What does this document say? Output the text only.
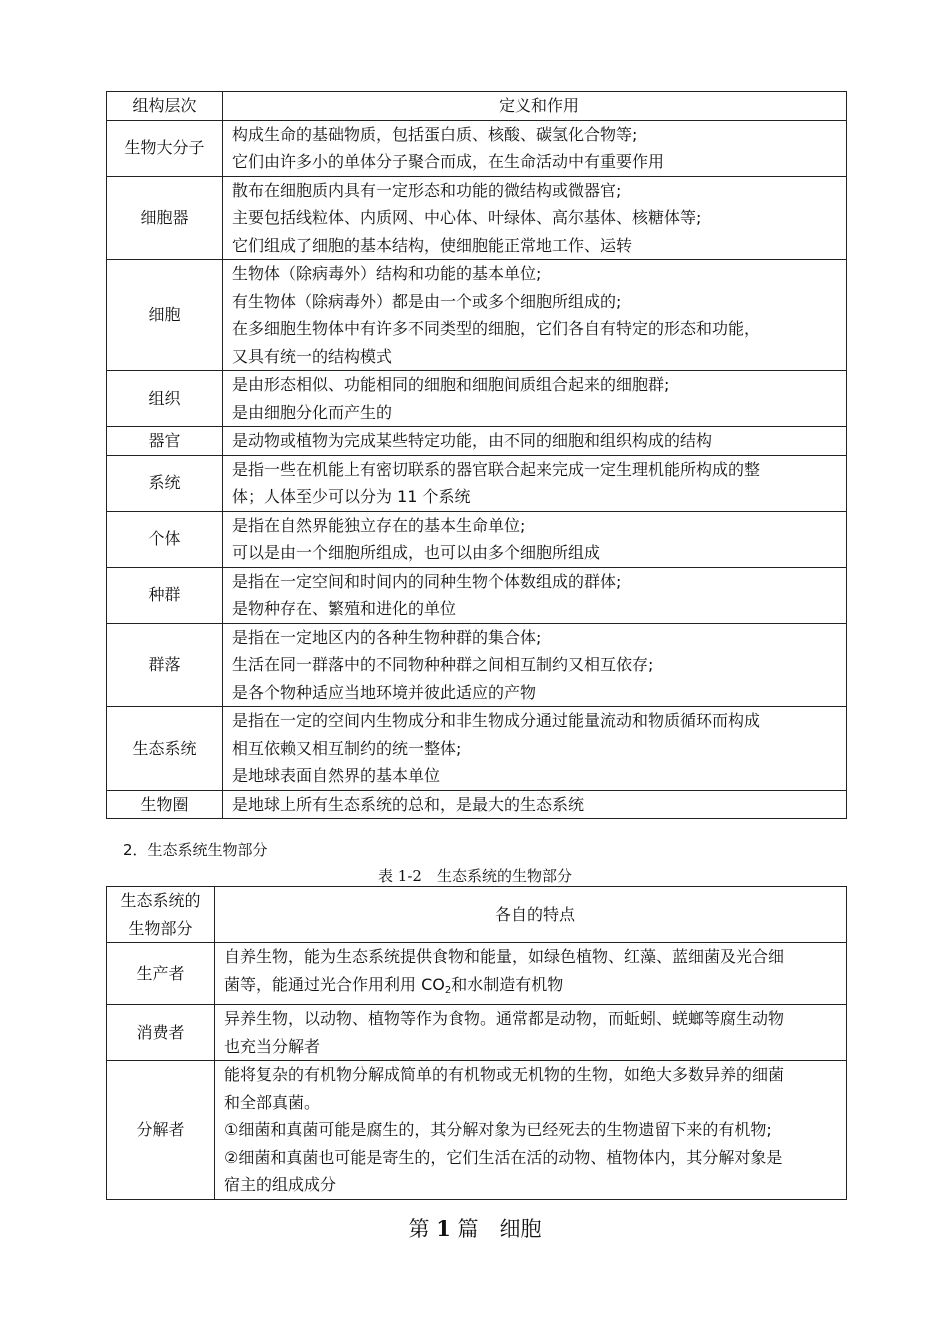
组构层次	定义和作用
生物大分子	构成生命的基础物质，包括蛋白质、核酸、碳氢化合物等;
它们由许多小的单体分子聚合而成，在生命活动中有重要作用

细胞器	散布在细胞质内具有一定形态和功能的微结构或微器官;
主要包括线粒体、内质网、中心体、叶绿体、高尔基体、核糖体等;
它们组成了细胞的基本结构，使细胞能正常地工作、运转

细胞	生物体（除病毒外）结构和功能的基本单位;
有生物体（除病毒外）都是由一个或多个细胞所组成的;
在多细胞生物体中有许多不同类型的细胞，它们各自有特定的形态和功能，
又具有统一的结构模式

组织	是由形态相似、功能相同的细胞和细胞间质组合起来的细胞群;
是由细胞分化而产生的

器官	是动物或植物为完成某些特定功能，由不同的细胞和组织构成的结构

系统	是指一些在机能上有密切联系的器官联合起来完成一定生理机能所构成的整
体；人体至少可以分为 11 个系统

个体	是指在自然界能独立存在的基本生命单位;
可以是由一个细胞所组成，也可以由多个细胞所组成

种群	是指在一定空间和时间内的同种生物个体数组成的群体;
是物种存在、繁殖和进化的单位

群落	是指在一定地区内的各种生物种群的集合体;
生活在同一群落中的不同物种种群之间相互制约又相互依存;
是各个物种适应当地环境并彼此适应的产物

生态系统	是指在一定的空间内生物成分和非生物成分通过能量流动和物质循环而构成
相互依赖又相互制约的统一整体;
是地球表面自然界的基本单位

生物圈	是地球上所有生态系统的总和，是最大的生态系统
2．生态系统生物部分
表 1-2　生态系统的生物部分
生态系统的
生物部分	各自的特点
生产者	自养生物，能为生态系统提供食物和能量，如绿色植物、红藻、蓝细菌及光合细
菌等，能通过光合作用利用 $CO_2$和水制造有机物

消费者	异养生物，以动物、植物等作为食物。通常都是动物，而蚯蚓、蜣螂等腐生动物
也充当分解者

分解者	能将复杂的有机物分解成简单的有机物或无机物的生物，如绝大多数异养的细菌
和全部真菌。
①细菌和真菌可能是腐生的，其分解对象为已经死去的生物遗留下来的有机物;
②细菌和真菌也可能是寄生的，它们生活在活的动物、植物体内，其分解对象是
宿主的组成成分
第 1 篇　细胞
